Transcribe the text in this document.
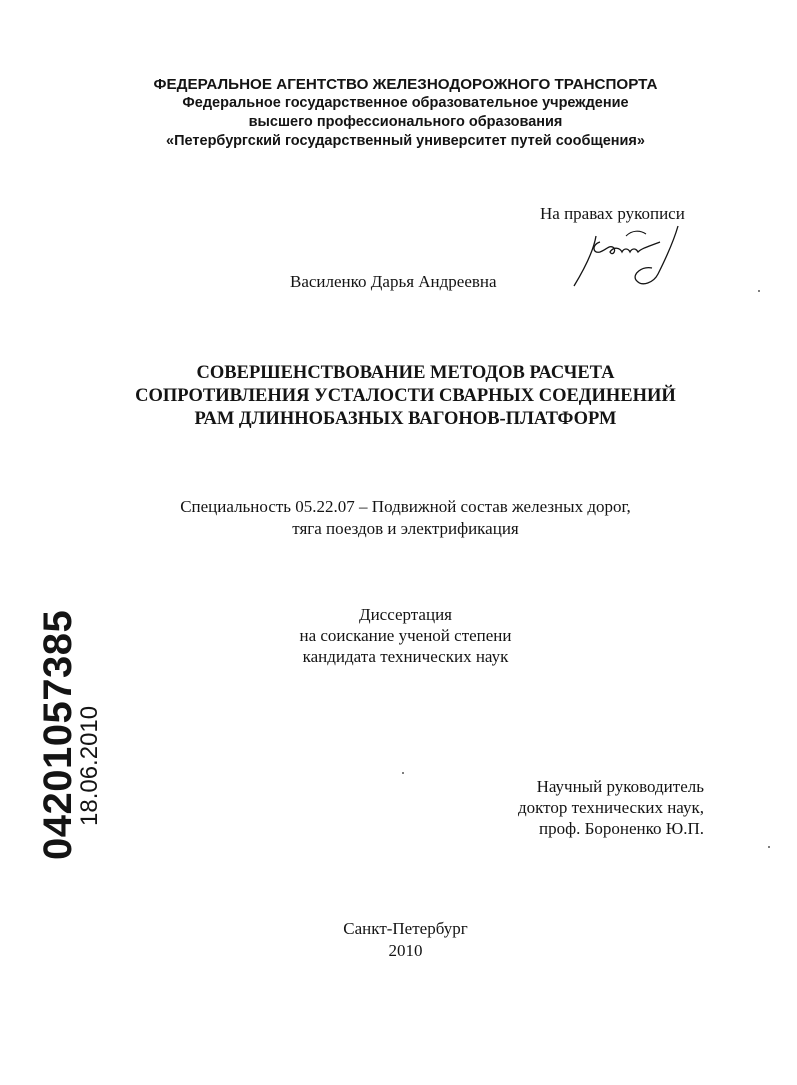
ФЕДЕРАЛЬНОЕ АГЕНТСТВО ЖЕЛЕЗНОДОРОЖНОГО ТРАНСПОРТА
Федеральное государственное образовательное учреждение
высшего профессионального образования
«Петербургский государственный университет путей сообщения»
На правах рукописи
Василенко Дарья Андреевна
СОВЕРШЕНСТВОВАНИЕ МЕТОДОВ РАСЧЕТА
СОПРОТИВЛЕНИЯ УСТАЛОСТИ СВАРНЫХ СОЕДИНЕНИЙ
РАМ ДЛИННОБАЗНЫХ ВАГОНОВ-ПЛАТФОРМ
Специальность 05.22.07 – Подвижной состав железных дорог,
тяга поездов и электрификация
Диссертация
на соискание ученой степени
кандидата технических наук
Научный руководитель
доктор технических наук,
проф. Бороненко Ю.П.
Санкт-Петербург
2010
04201057385
18.06.2010
